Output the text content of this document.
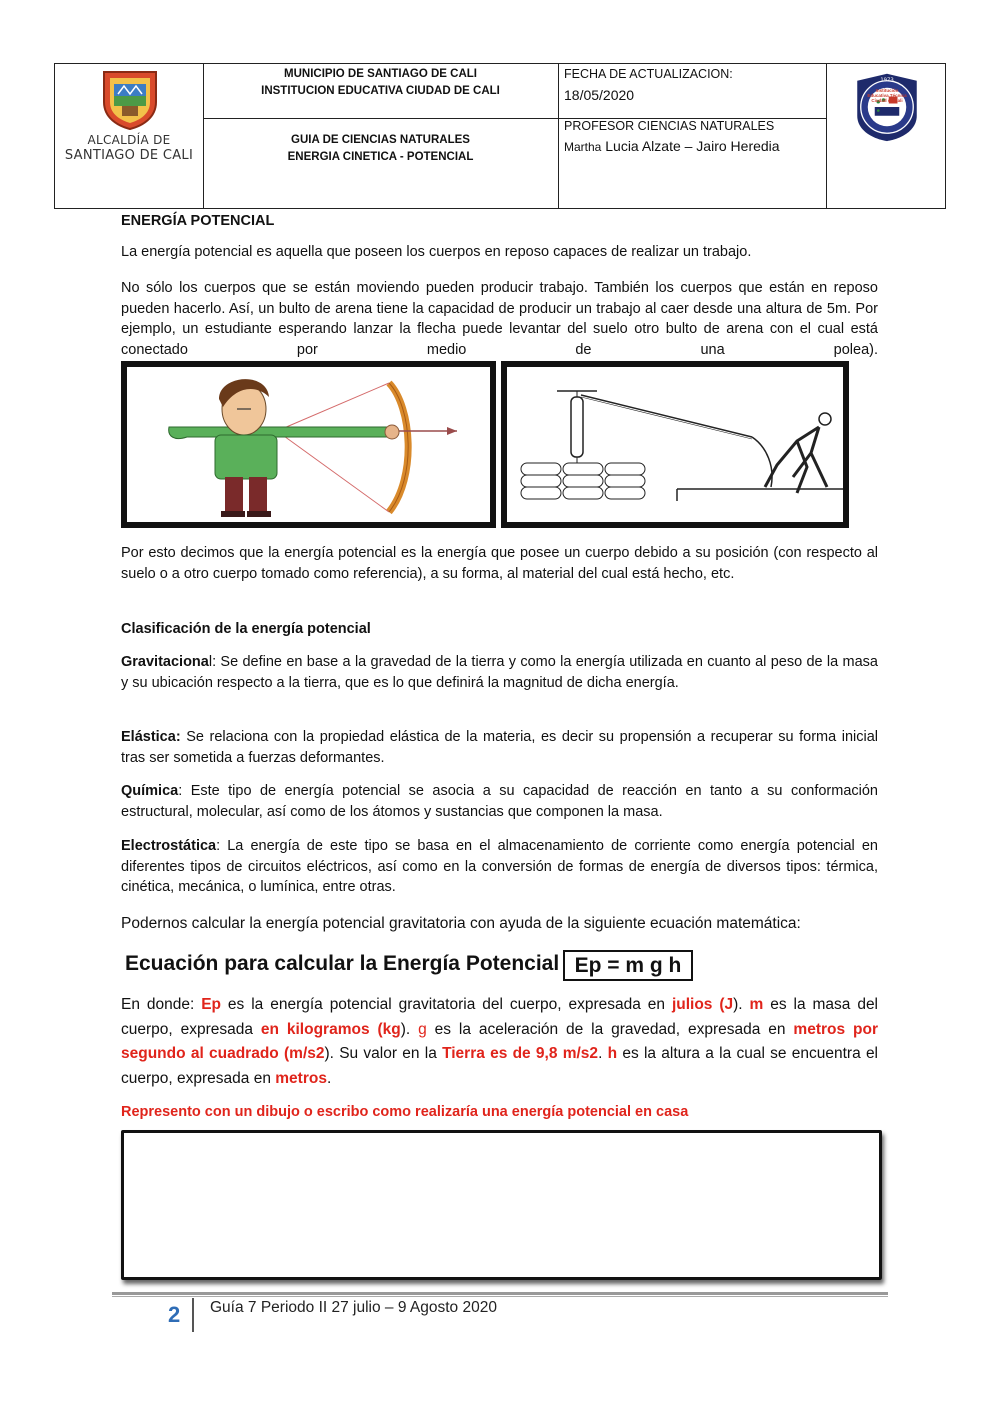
ALCALDÍA DE
SANTIAGO DE CALI
MUNICIPIO DE SANTIAGO DE CALI
INSTITUCION EDUCATIVA CIUDAD DE CALI
GUIA DE CIENCIAS NATURALES
ENERGIA CINETICA - POTENCIAL
FECHA DE ACTUALIZACION:
18/05/2020
PROFESOR CIENCIAS NATURALES
Martha Lucia Alzate – Jairo Heredia
1973
Institución Educativa Técnica Ciudad de Cali
ENERGÍA POTENCIAL
La energía potencial es aquella que poseen los cuerpos en reposo capaces de realizar un trabajo.
No sólo los cuerpos que se están moviendo pueden producir trabajo. También los cuerpos que están en reposo pueden hacerlo. Así, un bulto de arena tiene la capacidad de producir un trabajo al caer desde una altura de 5m. Por ejemplo, un estudiante esperando lanzar la flecha puede levantar del suelo otro bulto de arena con el cual está conectado por medio de una polea).
Por esto decimos que la energía potencial es la energía que posee un cuerpo debido a su posición (con respecto al suelo o a otro cuerpo tomado como referencia), a su forma, al material del cual está hecho, etc.
Clasificación de la energía potencial
Gravitacional: Se define en base a la gravedad de la tierra y como la energía utilizada en cuanto al peso de la masa y su ubicación respecto a la tierra, que es lo que definirá la magnitud de dicha energía.
Elástica: Se relaciona con la propiedad elástica de la materia, es decir su propensión a recuperar su forma inicial tras ser sometida a fuerzas deformantes.
Química: Este tipo de energía potencial se asocia a su capacidad de reacción en tanto a su conformación estructural, molecular, así como de los átomos y sustancias que componen la masa.
Electrostática: La energía de este tipo se basa en el almacenamiento de corriente como energía potencial en diferentes tipos de circuitos eléctricos, así como en la conversión de formas de energía de diversos tipos: térmica, cinética, mecánica, o lumínica, entre otras.
Podernos calcular la energía potencial gravitatoria con ayuda de la siguiente ecuación matemática:
Ecuación para calcular la Energía Potencial Ep = m g h
En donde: Ep es la energía potencial gravitatoria del cuerpo, expresada en julios (J). m es la masa del cuerpo, expresada en kilogramos (kg). g es la aceleración de la gravedad, expresada en metros por segundo al cuadrado (m/s2). Su valor en la Tierra es de 9,8 m/s2. h es la altura a la cual se encuentra el cuerpo, expresada en metros.
Represento con un dibujo o escribo como realizaría una energía potencial en casa
2 Guía 7 Periodo II 27 julio – 9 Agosto 2020
